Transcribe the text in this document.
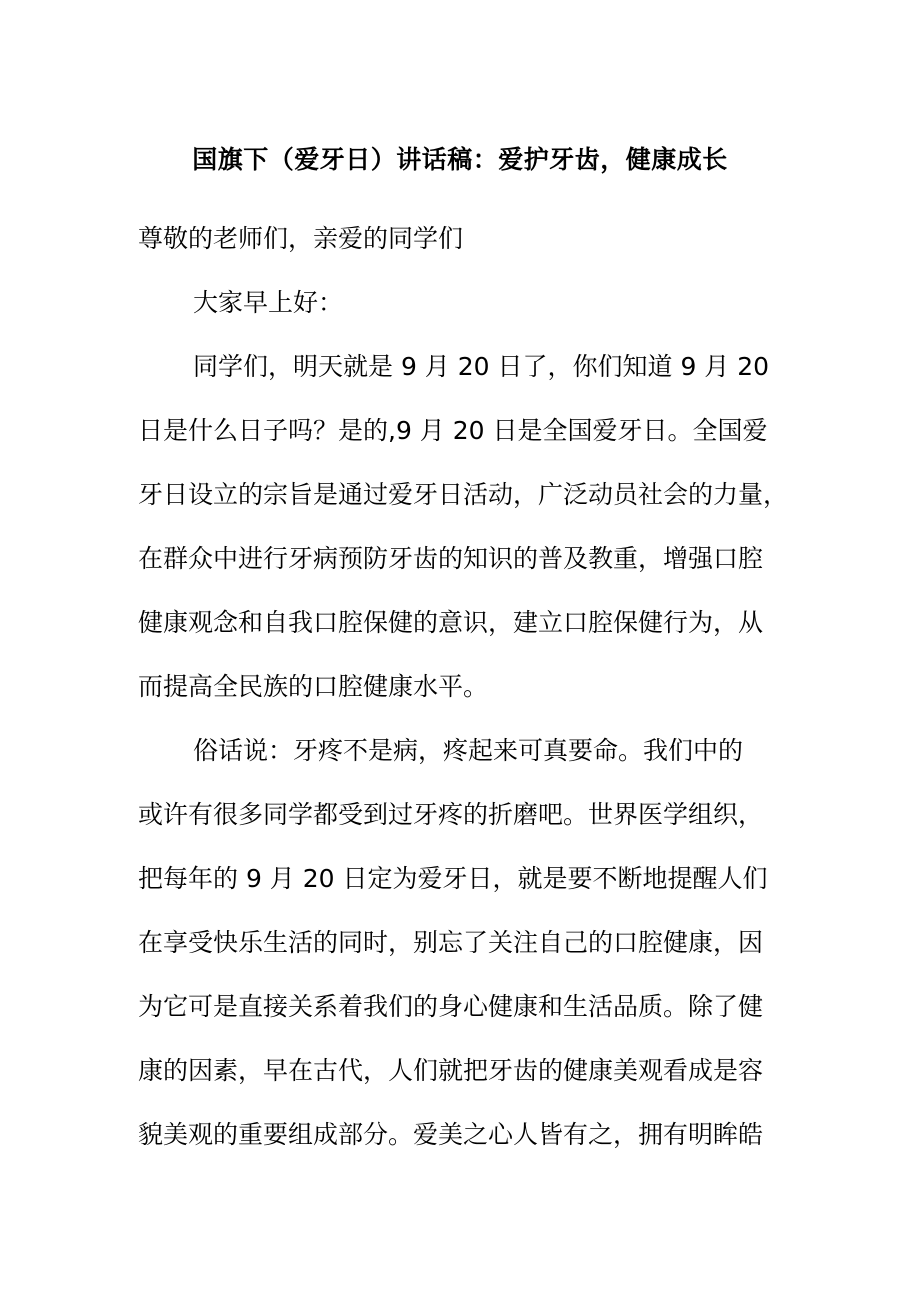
国旗下（爱牙日）讲话稿：爱护牙齿，健康成长
尊敬的老师们，亲爱的同学们
大家早上好：
同学们，明天就是 9 月 20 日了，你们知道 9 月 20
日是什么日子吗？是的,9 月 20 日是全国爱牙日。全国爱
牙日设立的宗旨是通过爱牙日活动，广泛动员社会的力量，
在群众中进行牙病预防牙齿的知识的普及教重，增强口腔
健康观念和自我口腔保健的意识，建立口腔保健行为，从
而提高全民族的口腔健康水平。
俗话说：牙疼不是病，疼起来可真要命。我们中的
或许有很多同学都受到过牙疼的折磨吧。世界医学组织，
把每年的 9 月 20 日定为爱牙日，就是要不断地提醒人们
在享受快乐生活的同时，别忘了关注自己的口腔健康，因
为它可是直接关系着我们的身心健康和生活品质。除了健
康的因素，早在古代，人们就把牙齿的健康美观看成是容
貌美观的重要组成部分。爱美之心人皆有之，拥有明眸皓
